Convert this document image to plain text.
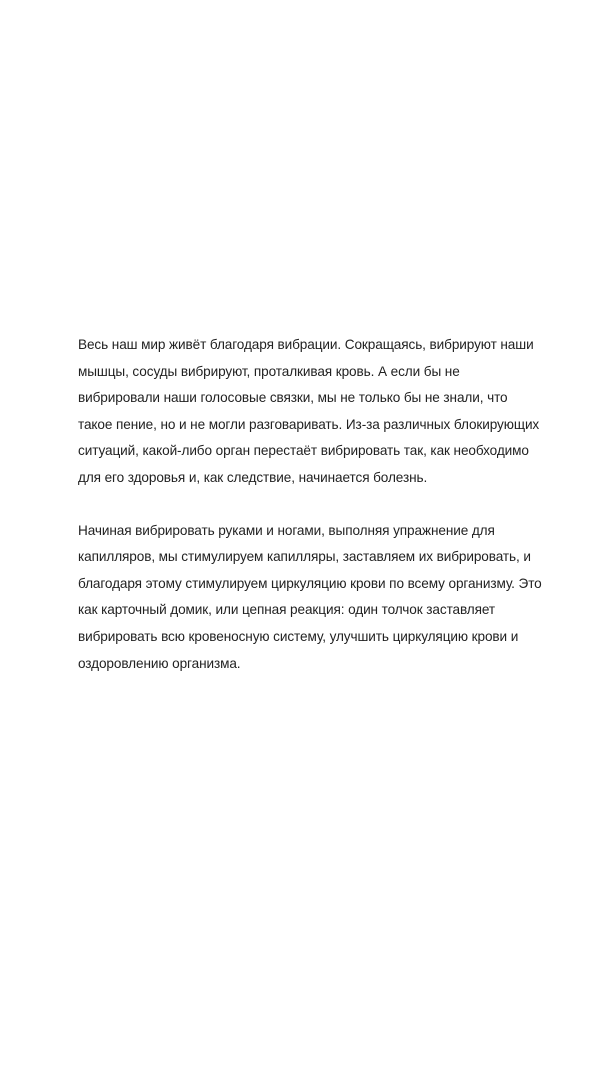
Весь наш мир живёт благодаря вибрации. Сокращаясь, вибрируют наши
мышцы, сосуды вибрируют, проталкивая кровь. А если бы не
вибрировали наши голосовые связки, мы не только бы не знали, что
такое пение, но и не могли разговаривать. Из-за различных блокирующих
ситуаций, какой-либо орган перестаёт вибрировать так, как необходимо
для его здоровья и, как следствие, начинается болезнь.

Начиная вибрировать руками и ногами, выполняя упражнение для
капилляров, мы стимулируем капилляры, заставляем их вибрировать, и
благодаря этому стимулируем циркуляцию крови по всему организму. Это
как карточный домик, или цепная реакция: один толчок заставляет
вибрировать всю кровеносную систему, улучшить циркуляцию крови и
оздоровлению организма.
